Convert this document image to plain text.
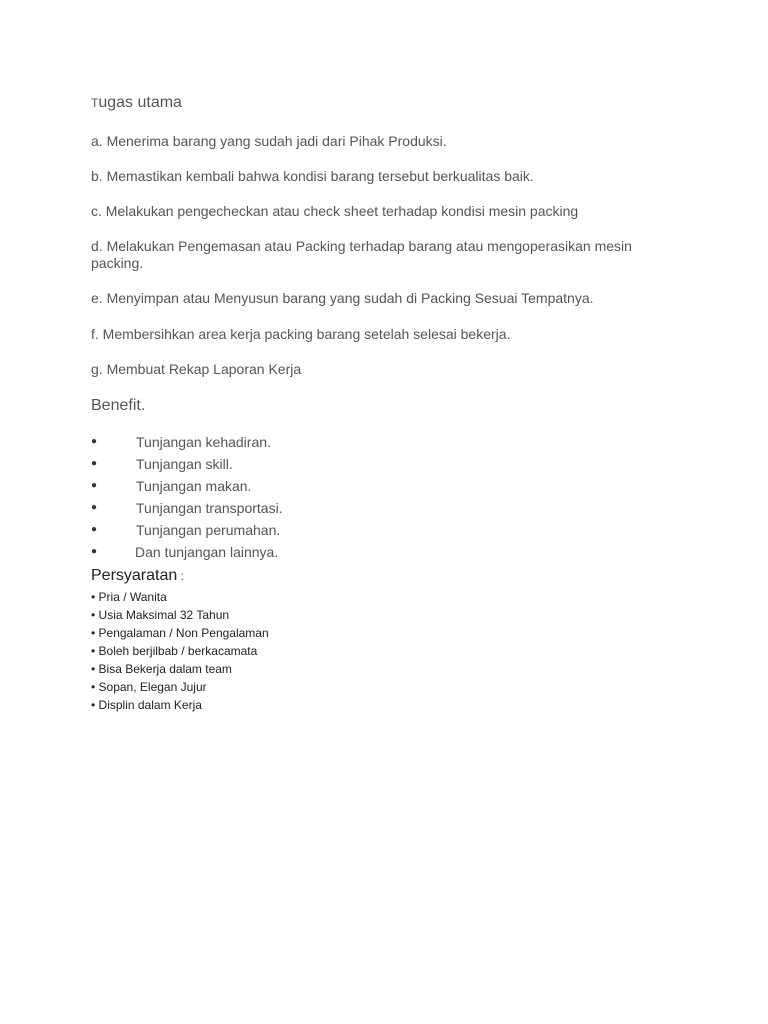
Tugas utama
a. Menerima barang yang sudah jadi dari Pihak Produksi.
b. Memastikan kembali bahwa kondisi barang tersebut berkualitas baik.
c. Melakukan pengecheckan atau check sheet terhadap kondisi mesin packing
d. Melakukan Pengemasan atau Packing terhadap barang atau mengoperasikan mesin packing.
e. Menyimpan atau Menyusun barang yang sudah di Packing Sesuai Tempatnya.
f. Membersihkan area kerja packing barang setelah selesai bekerja.
g. Membuat Rekap Laporan Kerja
Benefit.
●	Tunjangan kehadiran.
●	Tunjangan skill.
●	Tunjangan makan.
●	Tunjangan transportasi.
●	Tunjangan perumahan.
●	Dan tunjangan lainnya.
Persyaratan :
• Pria / Wanita
• Usia Maksimal 32 Tahun
• Pengalaman / Non Pengalaman
• Boleh berjilbab / berkacamata
• Bisa Bekerja dalam team
• Sopan, Elegan Jujur
• Displin dalam Kerja
